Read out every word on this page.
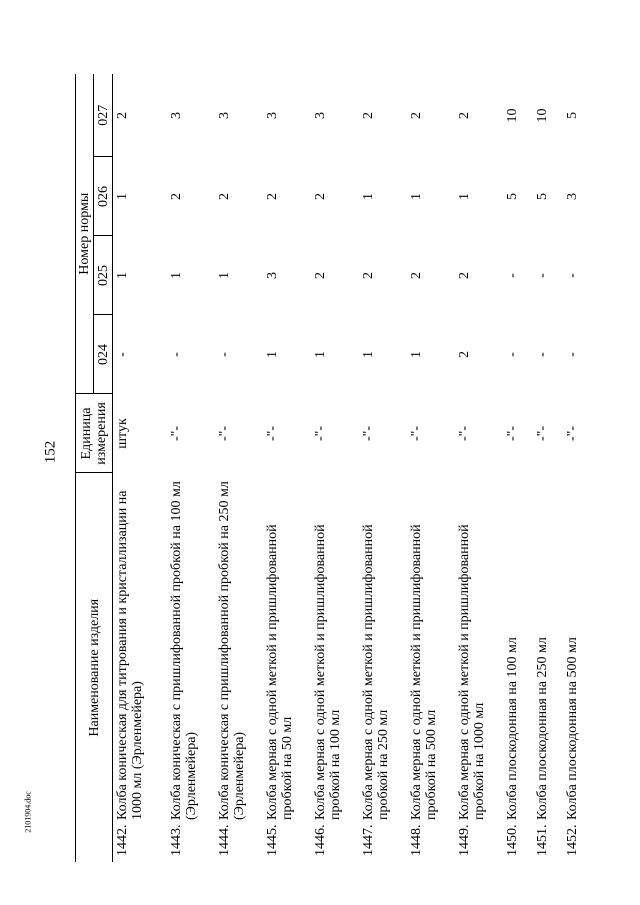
152
2101904.doc
Наименование изделия		Единица измерения	Номер нормы			
			024	025	026	027
1442.	Колба коническая для титрования и кристаллизации на 1000 мл (Эрленмейера)	штук	-	1	1	2
1443.	Колба коническая с пришлифованной пробкой на 100 мл (Эрленмейера)	-"-	-	1	2	3
1444.	Колба коническая с пришлифованной пробкой на 250 мл (Эрленмейера)	-"-	-	1	2	3
1445.	Колба мерная с одной меткой и пришлифованной пробкой на 50 мл	-"-	1	3	2	3
1446.	Колба мерная с одной меткой и пришлифованной пробкой на 100 мл	-"-	1	2	2	3
1447.	Колба мерная с одной меткой и пришлифованной пробкой на 250 мл	-"-	1	2	1	2
1448.	Колба мерная с одной меткой и пришлифованной пробкой на 500 мл	-"-	1	2	1	2
1449.	Колба мерная с одной меткой и пришлифованной пробкой на 1000 мл	-"-	2	2	1	2
1450.	Колба плоскодонная на 100 мл	-"-	-	-	5	10
1451.	Колба плоскодонная на 250 мл	-"-	-	-	5	10
1452.	Колба плоскодонная на 500 мл	-"-	-	-	3	5
